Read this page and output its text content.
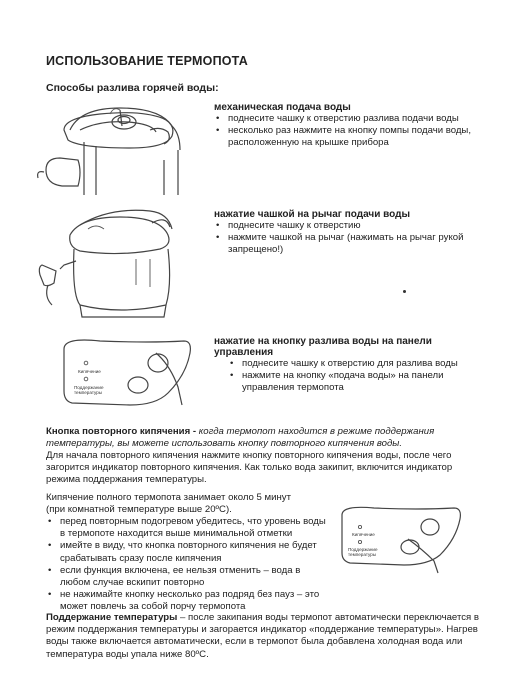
ИСПОЛЬЗОВАНИЕ ТЕРМОПОТА
Способы разлива горячей воды:
механическая подача воды
• поднесите чашку к отверстию разлива подачи воды
• несколько раз нажмите на кнопку помпы подачи воды, расположенную на крышке прибора
нажатие чашкой на рычаг подачи воды
• поднесите чашку к отверстию
• нажмите чашкой на рычаг (нажимать на рычаг рукой запрещено!)
Кипячение
Поддержание
температуры
нажатие на кнопку разлива воды на панели управления
• поднесите чашку к отверстию для разлива воды
• нажмите на кнопку «подача воды» на панели управления термопота
Кнопка повторного кипячения - когда термопот находится в режиме поддержания температуры, вы можете использовать кнопку повторного кипячения воды.
Для начала повторного кипячения нажмите кнопку повторного кипячения воды, после чего загорится индикатор повторного кипячения. Как только вода закипит, включится индикатор режима поддержания температуры.
Кипячение полного термопота занимает около 5 минут (при комнатной температуре выше 20ºС).
• перед повторным подогревом убедитесь, что уровень воды в термопоте находится выше минимальной отметки
• имейте в виду, что кнопка повторного кипячения не будет срабатывать сразу после кипячения
• если функция включена, ее нельзя отменить – вода в любом случае вскипит повторно
• не нажимайте кнопку несколько раз подряд без пауз – это может повлечь за собой порчу термопота
Кипячение
Поддержание
температуры
Поддержание температуры – после закипания воды термопот автоматически переключается в режим поддержания температуры и загорается индикатор «поддержание температуры». Нагрев воды также включается автоматически, если в термопот была добавлена холодная вода или температура воды упала ниже 80ºС.
